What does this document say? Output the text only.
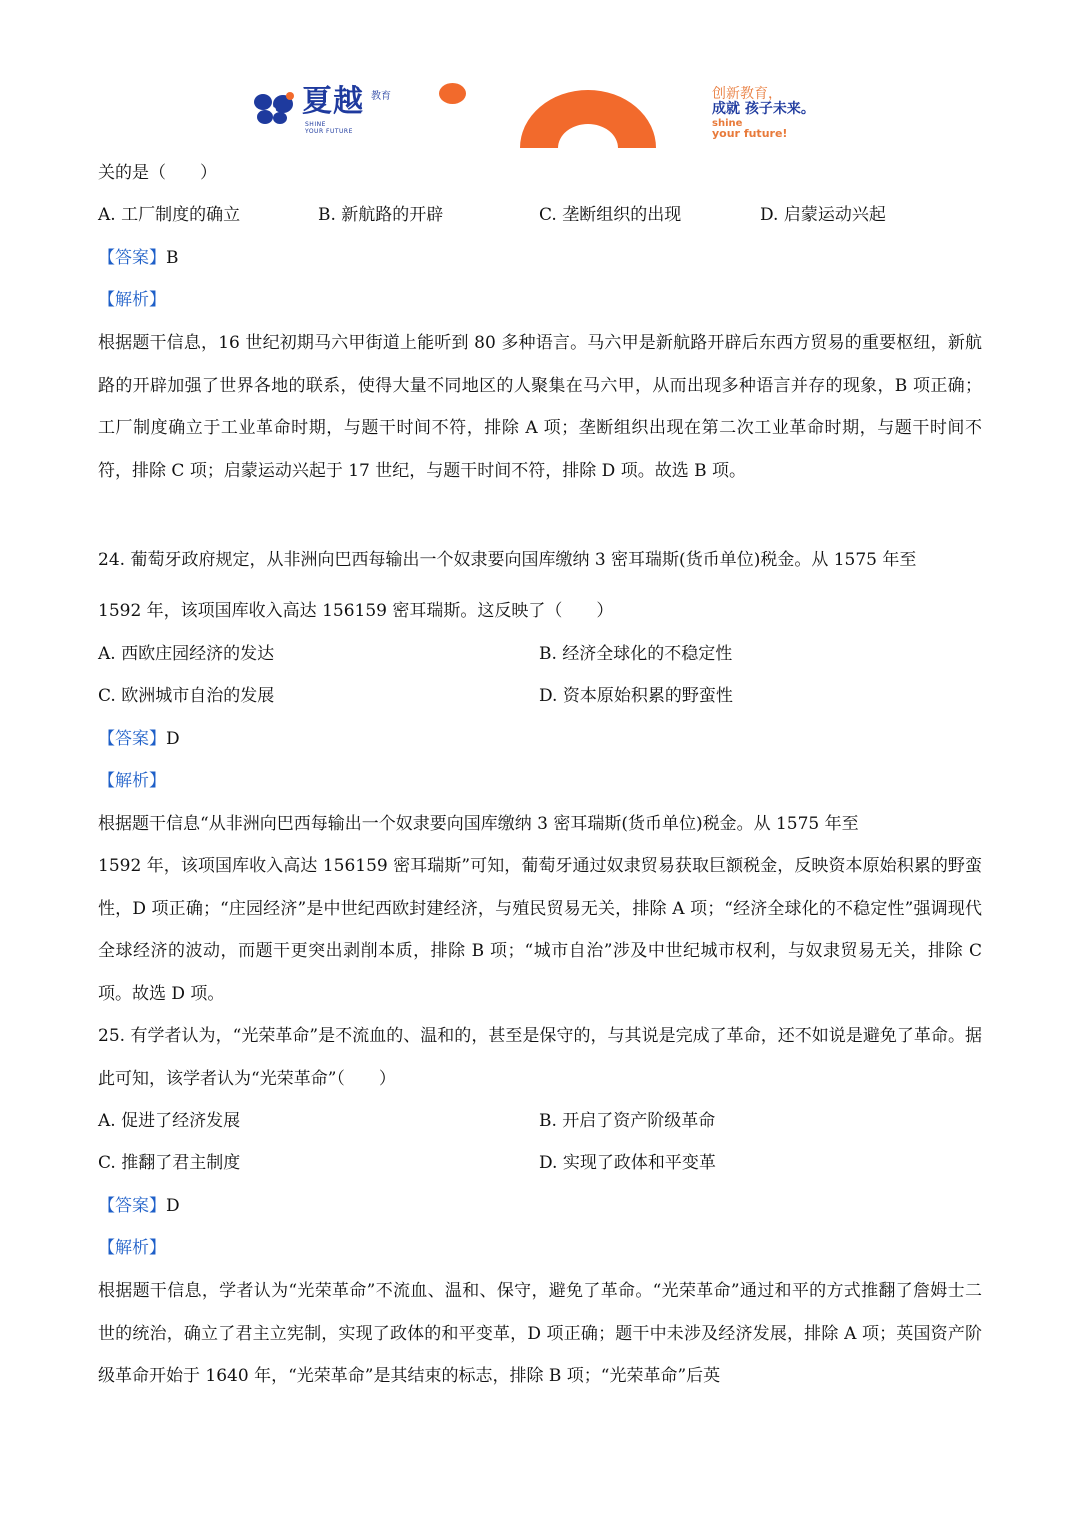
夏越 教育
SHINE
YOUR FUTURE
创新教育，
成就 孩子未来。
shine
your future!
关的是（　　）
A. 工厂制度的确立	B. 新航路的开辟	C. 垄断组织的出现	D. 启蒙运动兴起
【答案】B
【解析】
根据题干信息，16 世纪初期马六甲街道上能听到 80 多种语言。马六甲是新航路开辟后东西方贸易的重要枢纽，新航路的开辟加强了世界各地的联系，使得大量不同地区的人聚集在马六甲，从而出现多种语言并存的现象，B 项正确；工厂制度确立于工业革命时期，与题干时间不符，排除 A 项；垄断组织出现在第二次工业革命时期，与题干时间不符，排除 C 项；启蒙运动兴起于 17 世纪，与题干时间不符，排除 D 项。故选 B 项。
24. 葡萄牙政府规定，从非洲向巴西每输出一个奴隶要向国库缴纳 3 密耳瑞斯(货币单位)税金。从 1575 年至
1592 年，该项国库收入高达 156159 密耳瑞斯。这反映了（　　）
A. 西欧庄园经济的发达	B. 经济全球化的不稳定性
C. 欧洲城市自治的发展	D. 资本原始积累的野蛮性
【答案】D
【解析】
根据题干信息“从非洲向巴西每输出一个奴隶要向国库缴纳 3 密耳瑞斯(货币单位)税金。从 1575 年至
1592 年，该项国库收入高达 156159 密耳瑞斯”可知，葡萄牙通过奴隶贸易获取巨额税金，反映资本原始积累的野蛮性，D 项正确；“庄园经济”是中世纪西欧封建经济，与殖民贸易无关，排除 A 项；“经济全球化的不稳定性”强调现代全球经济的波动，而题干更突出剥削本质，排除 B 项；“城市自治”涉及中世纪城市权利，与奴隶贸易无关，排除 C 项。故选 D 项。
25. 有学者认为，“光荣革命”是不流血的、温和的，甚至是保守的，与其说是完成了革命，还不如说是避免了革命。据此可知，该学者认为“光荣革命”（　　）
A. 促进了经济发展	B. 开启了资产阶级革命
C. 推翻了君主制度	D. 实现了政体和平变革
【答案】D
【解析】
根据题干信息，学者认为“光荣革命”不流血、温和、保守，避免了革命。“光荣革命”通过和平的方式推翻了詹姆士二世的统治，确立了君主立宪制，实现了政体的和平变革，D 项正确；题干中未涉及经济发展，排除 A 项；英国资产阶级革命开始于 1640 年，“光荣革命”是其结束的标志，排除 B 项；“光荣革命”后英
